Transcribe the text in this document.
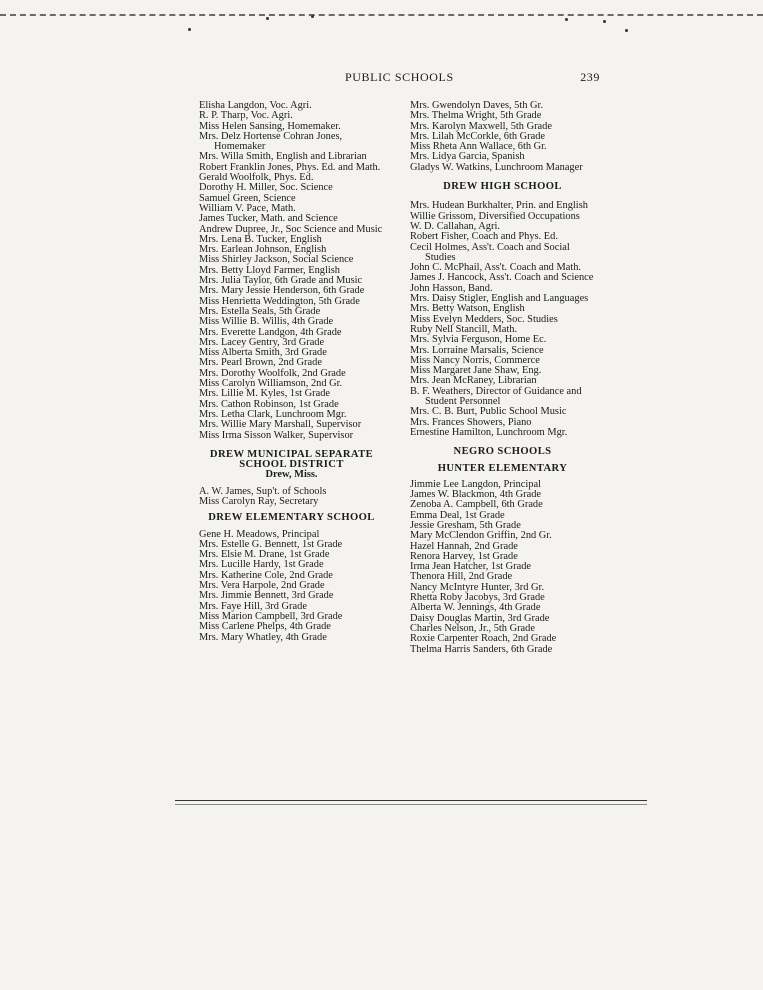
PUBLIC SCHOOLS	239
Elisha Langdon, Voc. Agri.
R. P. Tharp, Voc. Agri.
Miss Helen Sansing, Homemaker.
Mrs. Delz Hortense Cohran Jones, Homemaker
Mrs. Willa Smith, English and Librarian
Robert Franklin Jones, Phys. Ed. and Math.
Gerald Woolfolk, Phys. Ed.
Dorothy H. Miller, Soc. Science
Samuel Green, Science
William V. Pace, Math.
James Tucker, Math. and Science
Andrew Dupree, Jr., Soc Science and Music
Mrs. Lena B. Tucker, English
Mrs. Earlean Johnson, English
Miss Shirley Jackson, Social Science
Mrs. Betty Lloyd Farmer, English
Mrs. Julia Taylor, 6th Grade and Music
Mrs. Mary Jessie Henderson, 6th Grade
Miss Henrietta Weddington, 5th Grade
Mrs. Estella Seals, 5th Grade
Miss Willie B. Willis, 4th Grade
Mrs. Everette Landgon, 4th Grade
Mrs. Lacey Gentry, 3rd Grade
Miss Alberta Smith, 3rd Grade
Mrs. Pearl Brown, 2nd Grade
Mrs. Dorothy Woolfolk, 2nd Grade
Miss Carolyn Williamson, 2nd Gr.
Mrs. Lillie M. Kyles, 1st Grade
Mrs. Cathon Robinson, 1st Grade
Mrs. Letha Clark, Lunchroom Mgr.
Mrs. Willie Mary Marshall, Supervisor
Miss Irma Sisson Walker, Supervisor
DREW MUNICIPAL SEPARATE SCHOOL DISTRICT
Drew, Miss.
A. W. James, Sup't. of Schools
Miss Carolyn Ray, Secretary
DREW ELEMENTARY SCHOOL
Gene H. Meadows, Principal
Mrs. Estelle G. Bennett, 1st Grade
Mrs. Elsie M. Drane, 1st Grade
Mrs. Lucille Hardy, 1st Grade
Mrs. Katherine Cole, 2nd Grade
Mrs. Vera Harpole, 2nd Grade
Mrs. Jimmie Bennett, 3rd Grade
Mrs. Faye Hill, 3rd Grade
Miss Marion Campbell, 3rd Grade
Miss Carlene Phelps, 4th Grade
Mrs. Mary Whatley, 4th Grade
Mrs. Gwendolyn Daves, 5th Gr.
Mrs. Thelma Wright, 5th Grade
Mrs. Karolyn Maxwell, 5th Grade
Mrs. Lilah McCorkle, 6th Grade
Miss Rheta Ann Wallace, 6th Gr.
Mrs. Lidya Garcia, Spanish
Gladys W. Watkins, Lunchroom Manager
DREW HIGH SCHOOL
Mrs. Hudean Burkhalter, Prin. and English
Willie Grissom, Diversified Occupations
W. D. Callahan, Agri.
Robert Fisher, Coach and Phys. Ed.
Cecil Holmes, Ass't. Coach and Social Studies
John C. McPhail, Ass't. Coach and Math.
James J. Hancock, Ass't. Coach and Science
John Hasson, Band.
Mrs. Daisy Stigler, English and Languages
Mrs. Betty Watson, English
Miss Evelyn Medders, Soc. Studies
Ruby Nell Stancill, Math.
Mrs. Sylvia Ferguson, Home Ec.
Mrs. Lorraine Marsalis, Science
Miss Nancy Norris, Commerce
Miss Margaret Jane Shaw, Eng.
Mrs. Jean McRaney, Librarian
B. F. Weathers, Director of Guidance and Student Personnel
Mrs. C. B. Burt, Public School Music
Mrs. Frances Showers, Piano
Ernestine Hamilton, Lunchroom Mgr.
NEGRO SCHOOLS
HUNTER ELEMENTARY
Jimmie Lee Langdon, Principal
James W. Blackmon, 4th Grade
Zenoba A. Campbell, 6th Grade
Emma Deal, 1st Grade
Jessie Gresham, 5th Grade
Mary McClendon Griffin, 2nd Gr.
Hazel Hannah, 2nd Grade
Renora Harvey, 1st Grade
Irma Jean Hatcher, 1st Grade
Thenora Hill, 2nd Grade
Nancy McIntyre Hunter, 3rd Gr.
Rhetta Roby Jacobys, 3rd Grade
Alberta W. Jennings, 4th Grade
Daisy Douglas Martin, 3rd Grade
Charles Nelson, Jr., 5th Grade
Roxie Carpenter Roach, 2nd Grade
Thelma Harris Sanders, 6th Grade
